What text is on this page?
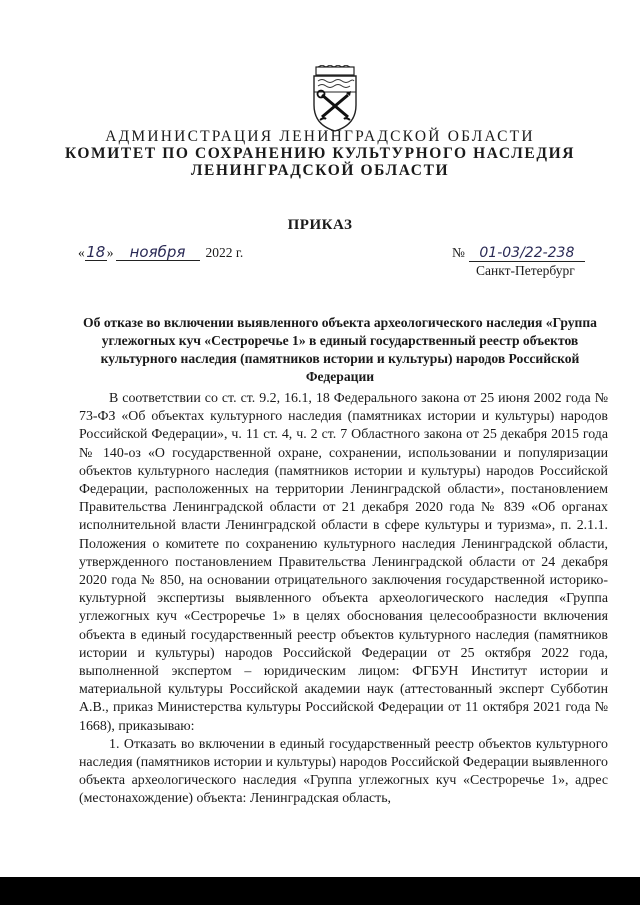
АДМИНИСТРАЦИЯ ЛЕНИНГРАДСКОЙ ОБЛАСТИ
КОМИТЕТ ПО СОХРАНЕНИЮ КУЛЬТУРНОГО НАСЛЕДИЯ
ЛЕНИНГРАДСКОЙ ОБЛАСТИ
ПРИКАЗ
«18» ноября 2022 г.	№ 01-03/22-238
Санкт-Петербург
Об отказе во включении выявленного объекта археологического наследия «Группа углежогных куч «Сестроречье 1» в единый государственный реестр объектов культурного наследия (памятников истории и культуры) народов Российской Федерации

В соответствии со ст. ст. 9.2, 16.1, 18 Федерального закона от 25 июня 2002 года № 73-ФЗ «Об объектах культурного наследия (памятниках истории и культуры) народов Российской Федерации», ч. 11 ст. 4, ч. 2 ст. 7 Областного закона от 25 декабря 2015 года № 140-оз «О государственной охране, сохранении, использовании и популяризации объектов культурного наследия (памятников истории и культуры) народов Российской Федерации, расположенных на территории Ленинградской области», постановлением Правительства Ленинградской области от 21 декабря 2020 года № 839 «Об органах исполнительной власти Ленинградской области в сфере культуры и туризма», п. 2.1.1. Положения о комитете по сохранению культурного наследия Ленинградской области, утвержденного постановлением Правительства Ленинградской области от 24 декабря 2020 года № 850, на основании отрицательного заключения государственной историко-культурной экспертизы выявленного объекта археологического наследия «Группа углежогных куч «Сестроречье 1» в целях обоснования целесообразности включения объекта в единый государственный реестр объектов культурного наследия (памятников истории и культуры) народов Российской Федерации от 25 октября 2022 года, выполненной экспертом – юридическим лицом: ФГБУН Институт истории и материальной культуры Российской академии наук (аттестованный эксперт Субботин А.В., приказ Министерства культуры Российской Федерации от 11 октября 2021 года № 1668), приказываю:

1. Отказать во включении в единый государственный реестр объектов культурного наследия (памятников истории и культуры) народов Российской Федерации выявленного объекта археологического наследия «Группа углежогных куч «Сестроречье 1», адрес (местонахождение) объекта: Ленинградская область,
